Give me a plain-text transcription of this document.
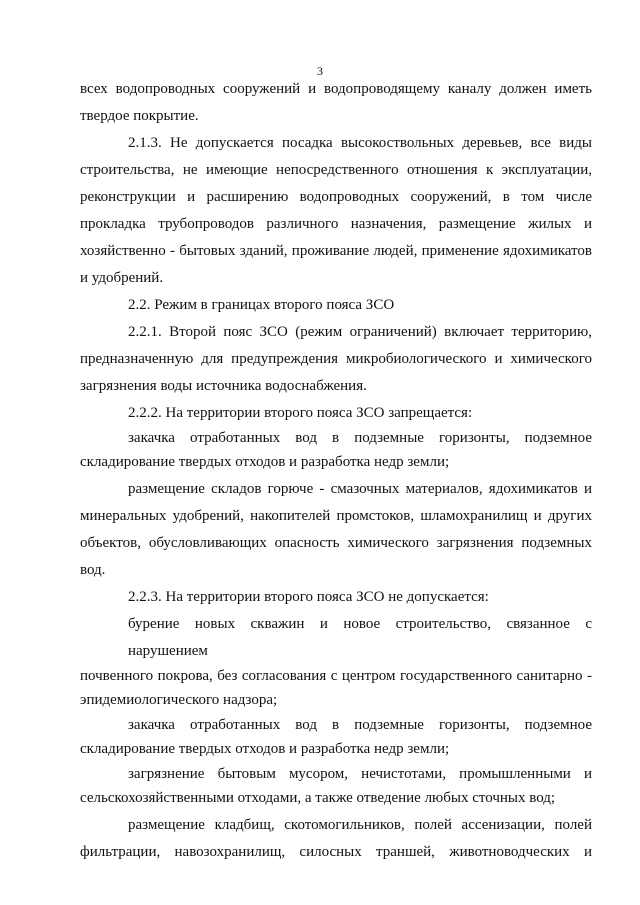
3

всех водопроводных сооружений и водопроводящему каналу должен иметь

твердое покрытие.

2.1.3. Не допускается посадка высокоствольных деревьев, все виды

строительства, не имеющие непосредственного отношения к эксплуатации,

реконструкции и расширению водопроводных сооружений, в том числе

прокладка трубопроводов различного назначения, размещение жилых и

хозяйственно - бытовых зданий, проживание людей, применение ядохимикатов

и удобрений.

2.2. Режим в границах второго пояса ЗСО

2.2.1. Второй пояс ЗСО (режим ограничений) включает территорию,

предназначенную для предупреждения микробиологического и химического

загрязнения воды источника водоснабжения.

2.2.2. На территории второго пояса ЗСО запрещается:

закачка отработанных вод в подземные горизонты, подземное

складирование твердых отходов и разработка недр земли;

размещение складов горюче - смазочных материалов, ядохимикатов и

минеральных удобрений, накопителей промстоков, шламохранилищ и других

объектов, обусловливающих опасность химического загрязнения подземных

вод.

2.2.3. На территории второго пояса ЗСО не допускается:

бурение новых скважин и новое строительство, связанное с нарушением

почвенного покрова, без согласования с центром государственного санитарно -

эпидемиологического надзора;

закачка отработанных вод в подземные горизонты, подземное

складирование твердых отходов и разработка недр земли;

загрязнение бытовым мусором, нечистотами, промышленными и

сельскохозяйственными отходами, а также отведение любых сточных вод;

размещение кладбищ, скотомогильников, полей ассенизации, полей

фильтрации, навозохранилищ, силосных траншей, животноводческих и
